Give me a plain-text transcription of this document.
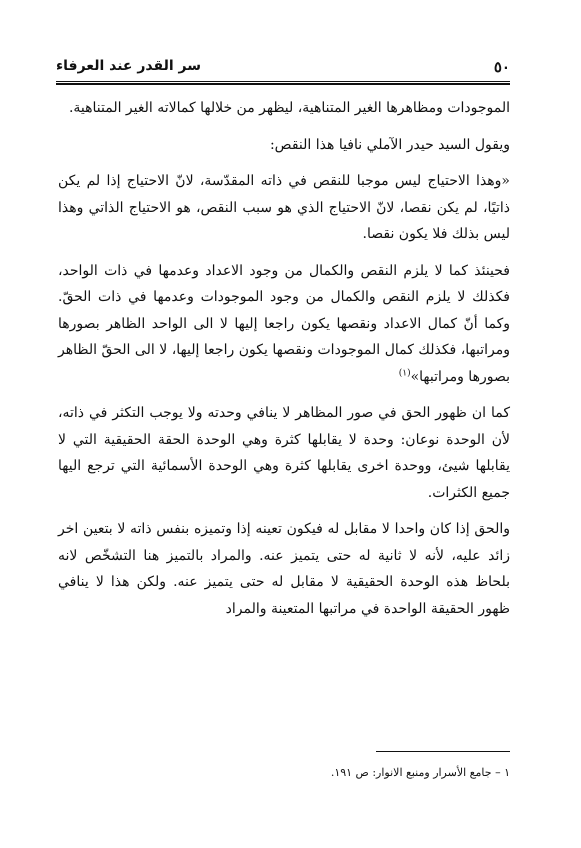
٥٠
سر القدر عند العرفاء

الموجودات ومظاهرها الغير المتناهية، ليظهر من خلالها كمالاته الغير المتناهية.

ويقول السيد حيدر الآملي نافيا هذا النقص:

«وهذا الاحتياج ليس موجبا للنقص في ذاته المقدّسة، لانّ الاحتياج إذا لم يكن ذاتيًا، لم يكن نقصا، لانّ الاحتياج الذي هو سبب النقص، هو الاحتياج الذاتي وهذا ليس بذلك فلا يكون نقصا.

فحينئذ كما لا يلزم النقص والكمال من وجود الاعداد وعدمها في ذات الواحد، فكذلك لا يلزم النقص والكمال من وجود الموجودات وعدمها في ذات الحقّ. وكما أنّ كمال الاعداد ونقصها يكون راجعا إليها لا الى الواحد الظاهر بصورها ومراتبها، فكذلك كمال الموجودات ونقصها يكون راجعا إليها، لا الى الحقّ الظاهر بصورها ومراتبها»$^{(١)}$

كما ان ظهور الحق في صور المظاهر لا ينافي وحدته ولا يوجب التكثر في ذاته، لأن الوحدة نوعان: وحدة لا يقابلها كثرة وهي الوحدة الحقة الحقيقية التي لا يقابلها شيئ، ووحدة اخرى يقابلها كثرة وهي الوحدة الأسمائية التي ترجع اليها جميع الكثرات.

والحق إذا كان واحدا لا مقابل له فيكون تعينه إذا وتميزه بنفس ذاته لا بتعين اخر زائد عليه، لأنه لا ثانية له حتى يتميز عنه. والمراد بالتميز هنا التشخّص لانه بلحاظ هذه الوحدة الحقيقية لا مقابل له حتى يتميز عنه. ولكن هذا لا ينافي ظهور الحقيقة الواحدة في مراتبها المتعينة والمراد

١ – جامع الأسرار ومنبع الانوار: ص ١٩١.
